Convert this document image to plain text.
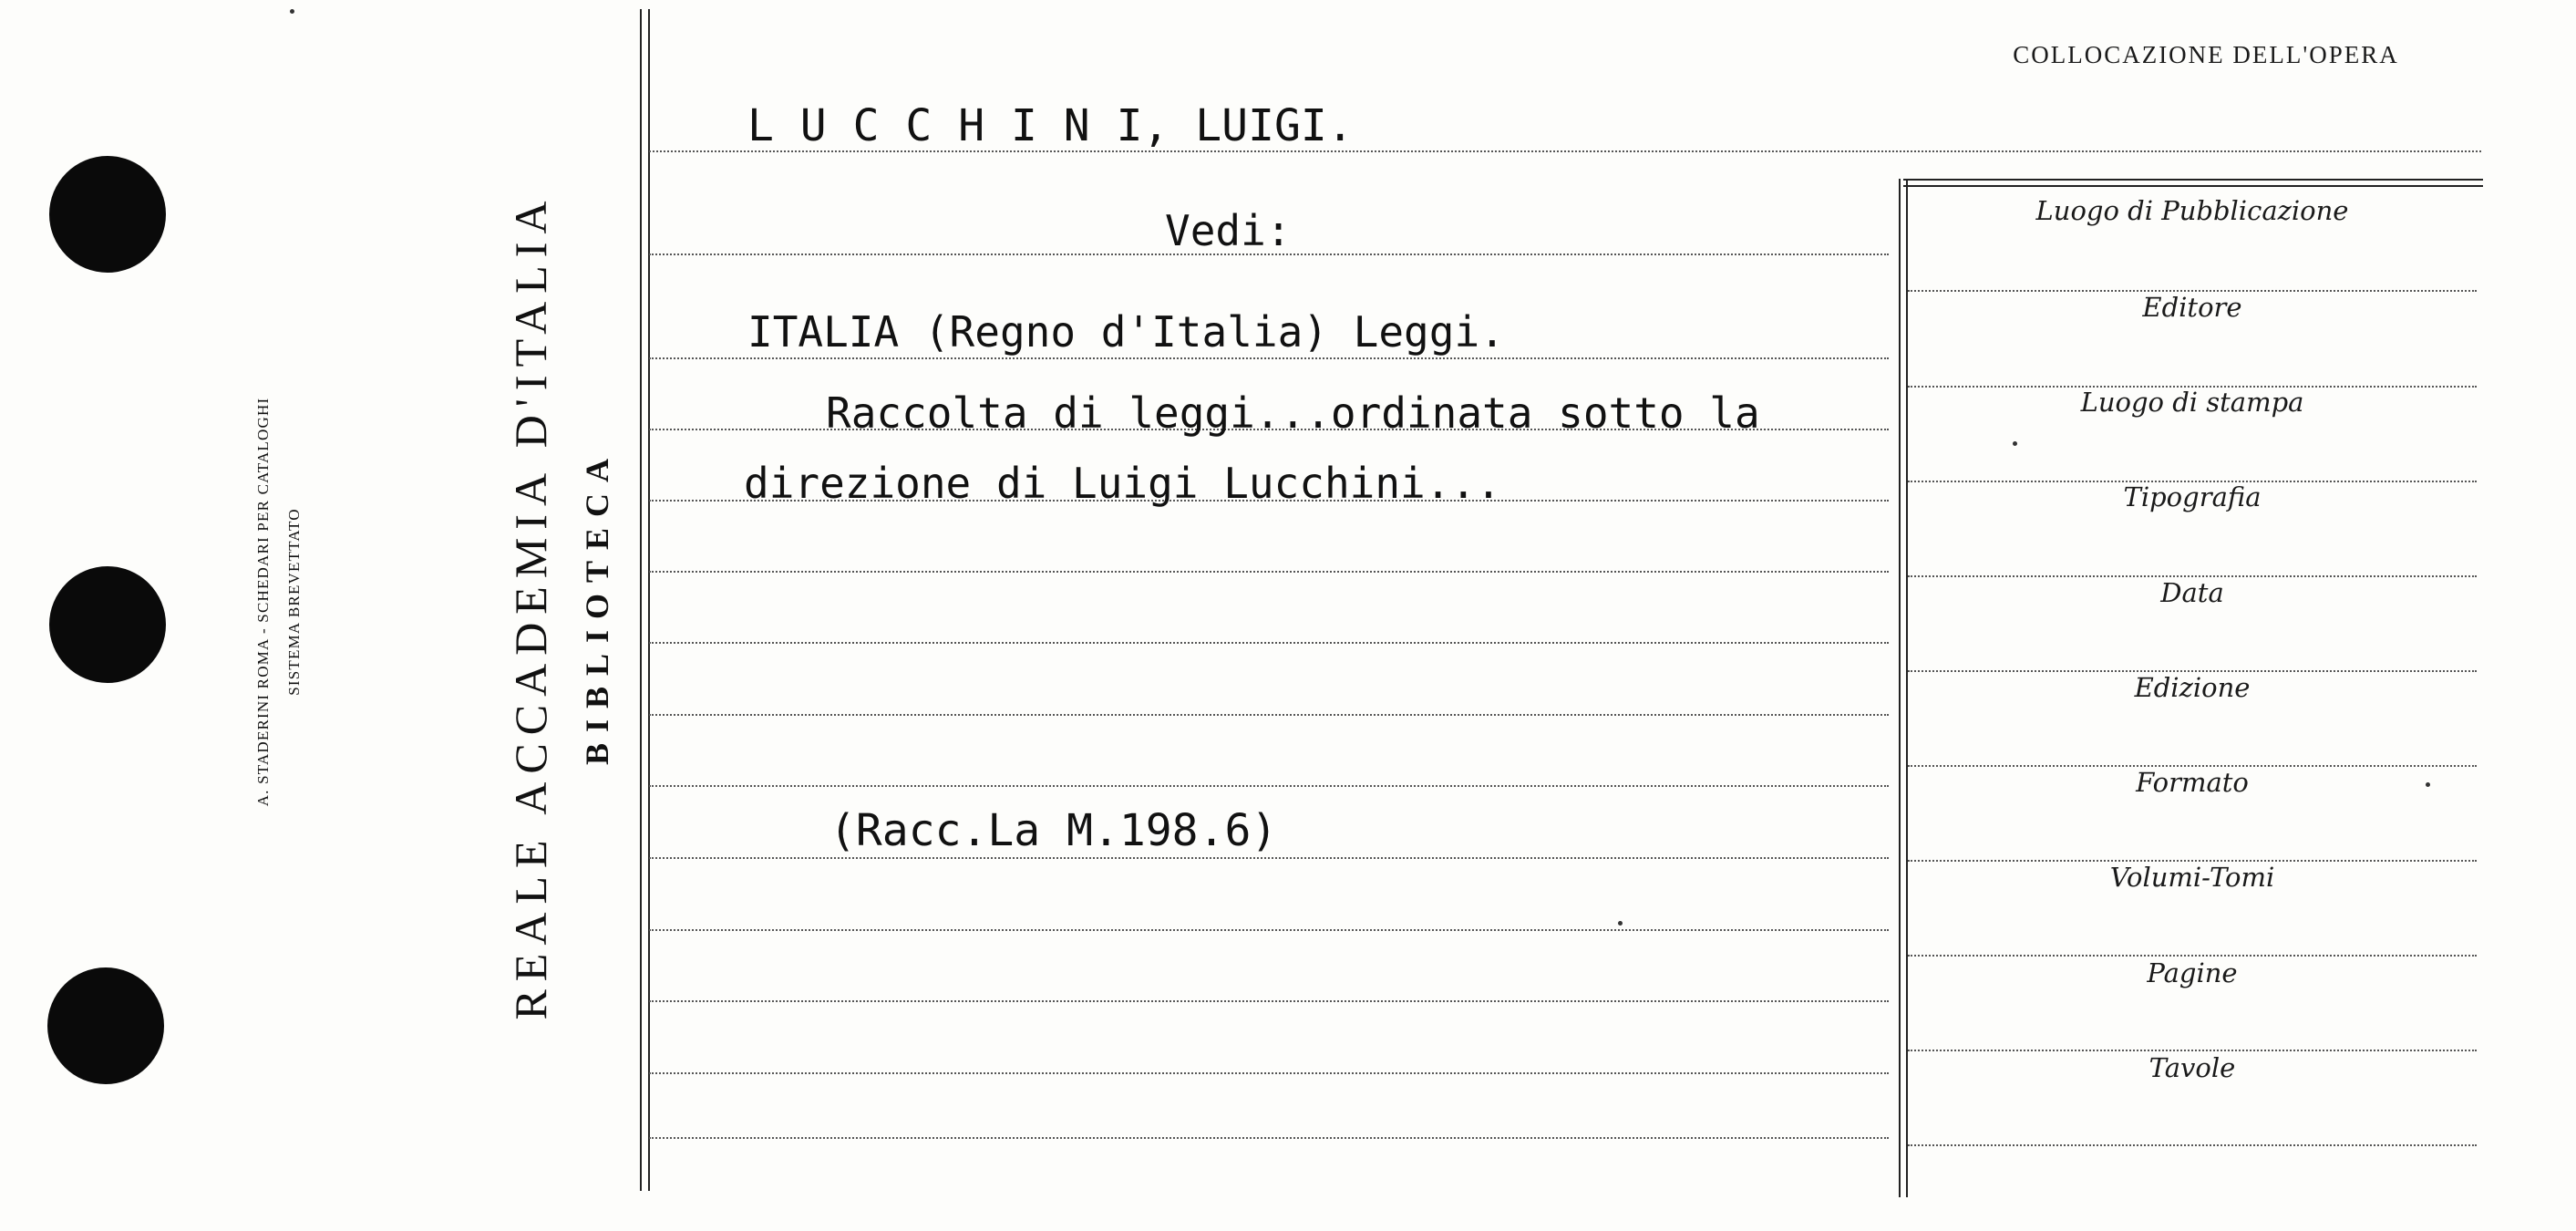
A. STADERINI ROMA - SCHEDARI PER CATALOGHI SISTEMA BREVETTATO	REALE ACCADEMIA D'ITALIA BIBLIOTECA
L U C C H I N I, LUIGI.
Vedi:
ITALIA (Regno d'Italia) Leggi.
Raccolta di leggi...ordinata sotto la
direzione di Luigi Lucchini...
(Racc.La M.198.6)
COLLOCAZIONE DELL'OPERA
Luogo di Pubblicazione
Editore
Luogo di stampa
Tipografia
Data
Edizione
Formato
Volumi-Tomi
Pagine
Tavole
